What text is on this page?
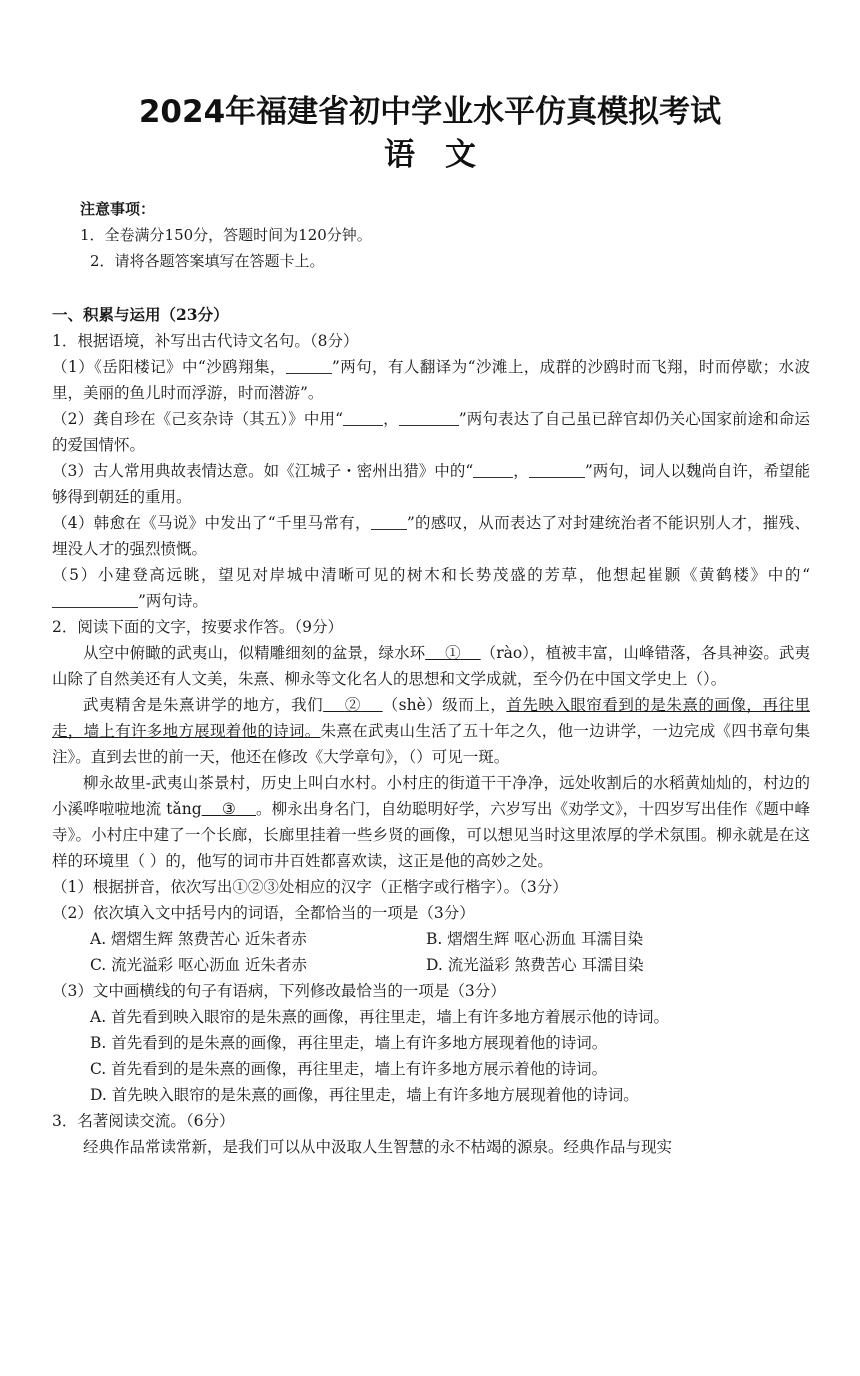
2024年福建省初中学业水平仿真模拟考试
语文
注意事项：
1．全卷满分150分，答题时间为120分钟。
2．请将各题答案填写在答题卡上。

一、积累与运用（23分）

1．根据语境，补写出古代诗文名句。（8分）

（1）《岳阳楼记》中“沙鸥翔集，	”两句，有人翻译为“沙滩上，成群的沙鸥时而飞翔，时而停歇；水波里，美丽的鱼儿时而浮游，时而潜游”。

（2）龚自珍在《己亥杂诗（其五）》中用“	，	”两句表达了自己虽已辞官却仍关心国家前途和命运的爱国情怀。

（3）古人常用典故表情达意。如《江城子・密州出猎》中的“	，	”两句，词人以魏尚自许，希望能够得到朝廷的重用。

（4）韩愈在《马说》中发出了“千里马常有， ”的感叹，从而表达了对封建统治者不能识别人才，摧残、埋没人才的强烈愤慨。

（5）小建登高远眺，望见对岸城中清晰可见的树木和长势茂盛的芳草，他想起崔颢《黄鹤楼》中的“”两句诗。

2．阅读下面的文字，按要求作答。（9分）

从空中俯瞰的武夷山，似精雕细刻的盆景，绿水环 ① （rào），植被丰富，山峰错落，各具神姿。武夷山除了自然美还有人文美，朱熹、柳永等文化名人的思想和文学成就，至今仍在中国文学史上（）。

武夷精舍是朱熹讲学的地方，我们 ② （shè）级而上，首先映入眼帘看到的是朱熹的画像，再往里走，墙上有许多地方展现着他的诗词。朱熹在武夷山生活了五十年之久，他一边讲学，一边完成《四书章句集注》。直到去世的前一天，他还在修改《大学章句》，（）可见一斑。

柳永故里-武夷山茶景村，历史上叫白水村。小村庄的街道干干净净，远处收割后的水稻黄灿灿的，村边的小溪哗啦啦地流 tǎng ③ 。柳永出身名门，自幼聪明好学，六岁写出《劝学文》，十四岁写出佳作《题中峰寺》。小村庄中建了一个长廊，长廊里挂着一些乡贤的画像，可以想见当时这里浓厚的学术氛围。柳永就是在这样的环境里（ ）的，他写的词市井百姓都喜欢读，这正是他的高妙之处。

（1）根据拼音，依次写出①②③处相应的汉字（正楷字或行楷字）。（3分）

（2）依次填入文中括号内的词语，全都恰当的一项是（3分）

A. 熠熠生辉 煞费苦心 近朱者赤	B. 熠熠生辉 呕心沥血 耳濡目染
C. 流光溢彩 呕心沥血 近朱者赤	D. 流光溢彩 煞费苦心 耳濡目染

（3）文中画横线的句子有语病，下列修改最恰当的一项是（3分）

A. 首先看到映入眼帘的是朱熹的画像，再往里走，墙上有许多地方着展示他的诗词。

B. 首先看到的是朱熹的画像，再往里走，墙上有许多地方展现着他的诗词。

C. 首先看到的是朱熹的画像，再往里走，墙上有许多地方展示着他的诗词。

D. 首先映入眼帘的是朱熹的画像，再往里走，墙上有许多地方展现着他的诗词。

3．名著阅读交流。（6分）

经典作品常读常新，是我们可以从中汲取人生智慧的永不枯竭的源泉。经典作品与现实
